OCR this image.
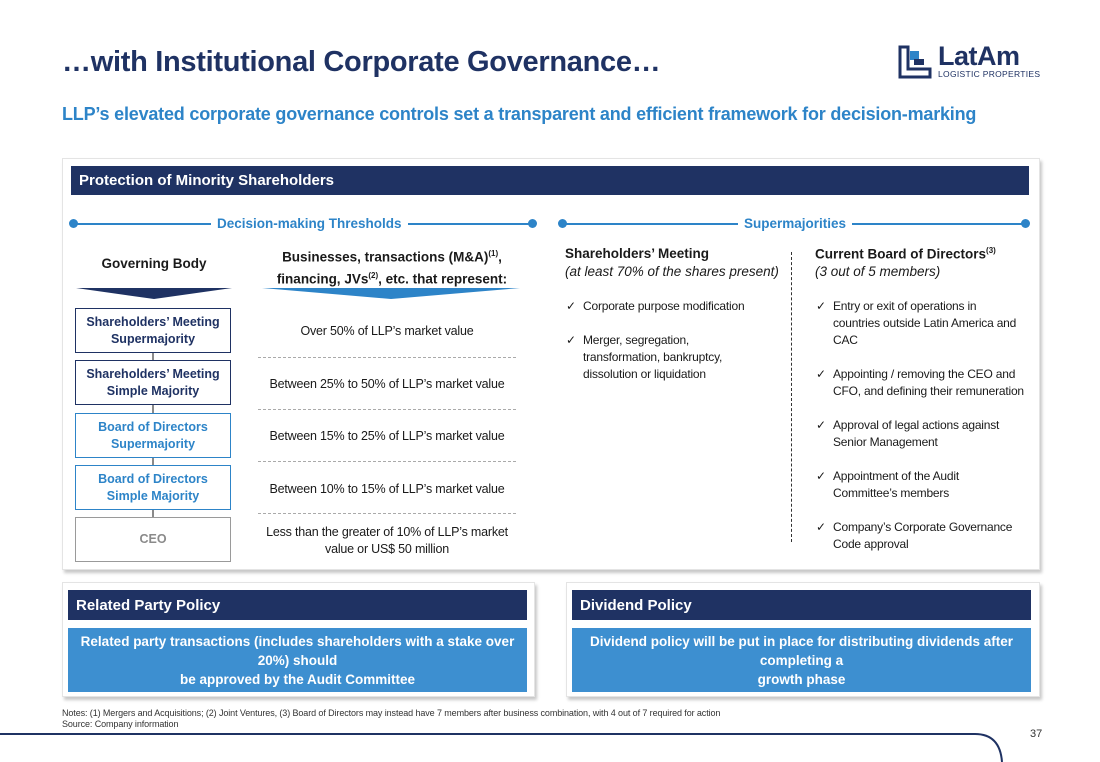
…with Institutional Corporate Governance…
LLP’s elevated corporate governance controls set a transparent and efficient framework for decision-marking
LatAm
LOGISTIC PROPERTIES
Protection of Minority Shareholders
Decision-making Thresholds	Supermajorities
Governing Body	Businesses, transactions (M&A)$^{(1)}$,
financing, JVs$^{(2)}$, etc. that represent:
Shareholders’ Meeting
Supermajority
Shareholders’ Meeting
Simple Majority
Board of Directors
Supermajority
Board of Directors
Simple Majority
CEO
Over 50% of LLP’s market value
Between 25% to 50% of LLP’s market value
Between 15% to 25% of LLP’s market value
Between 10% to 15% of LLP’s market value
Less than the greater of 10% of LLP’s market
value or US$ 50 million
Shareholders’ Meeting
(at least 70% of the shares present)
✓ Corporate purpose modification
✓ Merger, segregation,
transformation, bankruptcy,
dissolution or liquidation
Current Board of Directors$^{(3)}$
(3 out of 5 members)
✓ Entry or exit of operations in
countries outside Latin America and
CAC
✓ Appointing / removing the CEO and
CFO, and defining their remuneration
✓ Approval of legal actions against
Senior Management
✓ Appointment of the Audit
Committee’s members
✓ Company’s Corporate Governance
Code approval
Related Party Policy
Related party transactions (includes shareholders with a stake over 20%) should
be approved by the Audit Committee
Dividend Policy
Dividend policy will be put in place for distributing dividends after completing a
growth phase
Notes: (1) Mergers and Acquisitions; (2) Joint Ventures, (3) Board of Directors may instead have 7 members after business combination, with 4 out of 7 required for action
Source: Company information
37
